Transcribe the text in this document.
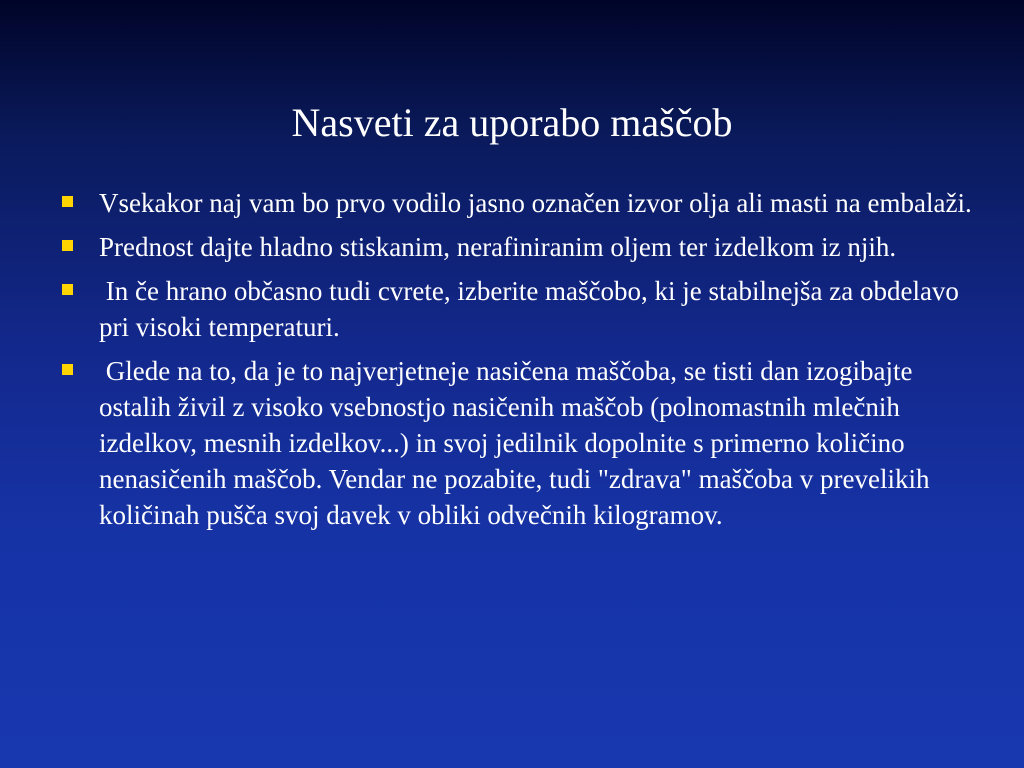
Nasveti za uporabo maščob
Vsekakor naj vam bo prvo vodilo jasno označen izvor olja ali masti na embalaži.
Prednost dajte hladno stiskanim, nerafiniranim oljem ter izdelkom iz njih.
In če hrano občasno tudi cvrete, izberite maščobo, ki je stabilnejša za obdelavo pri visoki temperaturi.
Glede na to, da je to najverjetneje nasičena maščoba, se tisti dan izogibajte ostalih živil z visoko vsebnostjo nasičenih maščob (polnomastnih mlečnih izdelkov, mesnih izdelkov...) in svoj jedilnik dopolnite s primerno količino nenasičenih maščob. Vendar ne pozabite, tudi "zdrava" maščoba v prevelikih količinah pušča svoj davek v obliki odvečnih kilogramov.
